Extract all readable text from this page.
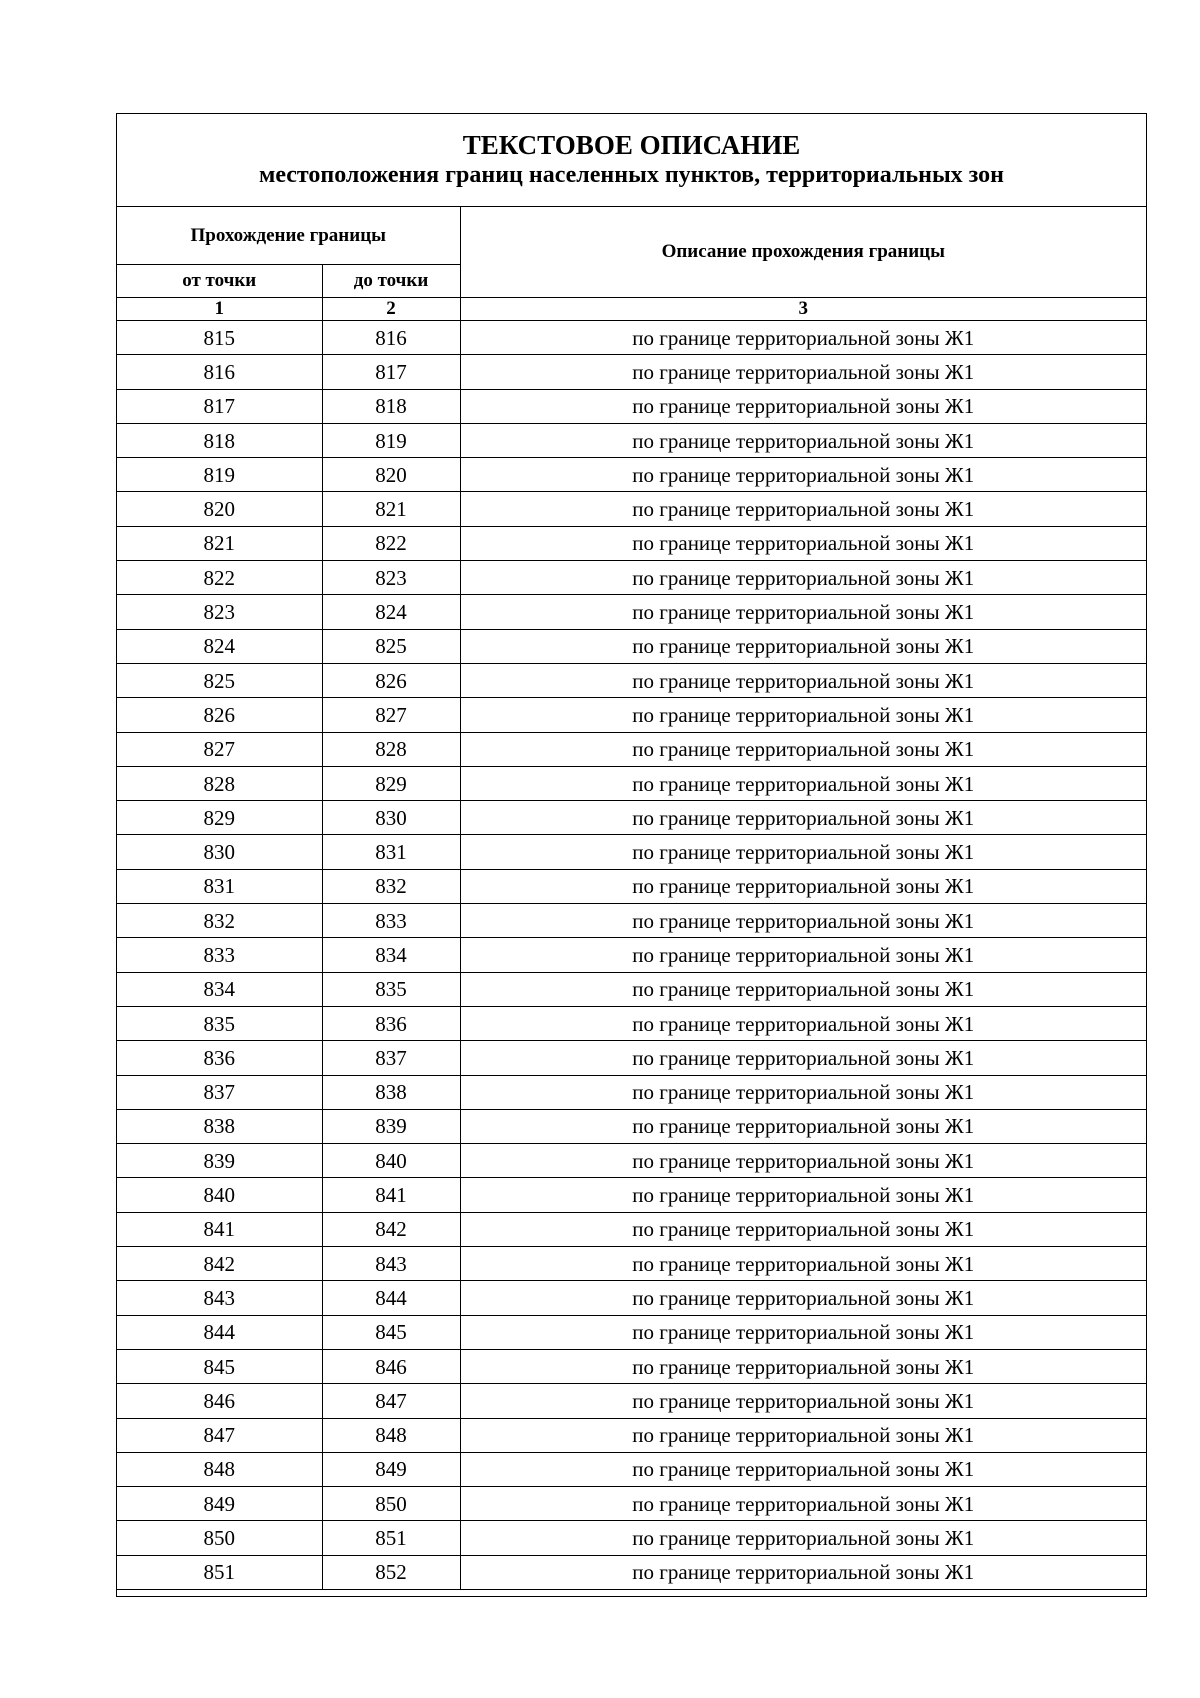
ТЕКСТОВОЕ ОПИСАНИЕ
местоположения границ населенных пунктов, территориальных зон
Прохождение границы		Описание прохождения границы
от точки	до точки	
1	2	3
815	816	по границе территориальной зоны Ж1
816	817	по границе территориальной зоны Ж1
817	818	по границе территориальной зоны Ж1
818	819	по границе территориальной зоны Ж1
819	820	по границе территориальной зоны Ж1
820	821	по границе территориальной зоны Ж1
821	822	по границе территориальной зоны Ж1
822	823	по границе территориальной зоны Ж1
823	824	по границе территориальной зоны Ж1
824	825	по границе территориальной зоны Ж1
825	826	по границе территориальной зоны Ж1
826	827	по границе территориальной зоны Ж1
827	828	по границе территориальной зоны Ж1
828	829	по границе территориальной зоны Ж1
829	830	по границе территориальной зоны Ж1
830	831	по границе территориальной зоны Ж1
831	832	по границе территориальной зоны Ж1
832	833	по границе территориальной зоны Ж1
833	834	по границе территориальной зоны Ж1
834	835	по границе территориальной зоны Ж1
835	836	по границе территориальной зоны Ж1
836	837	по границе территориальной зоны Ж1
837	838	по границе территориальной зоны Ж1
838	839	по границе территориальной зоны Ж1
839	840	по границе территориальной зоны Ж1
840	841	по границе территориальной зоны Ж1
841	842	по границе территориальной зоны Ж1
842	843	по границе территориальной зоны Ж1
843	844	по границе территориальной зоны Ж1
844	845	по границе территориальной зоны Ж1
845	846	по границе территориальной зоны Ж1
846	847	по границе территориальной зоны Ж1
847	848	по границе территориальной зоны Ж1
848	849	по границе территориальной зоны Ж1
849	850	по границе территориальной зоны Ж1
850	851	по границе территориальной зоны Ж1
851	852	по границе территориальной зоны Ж1
